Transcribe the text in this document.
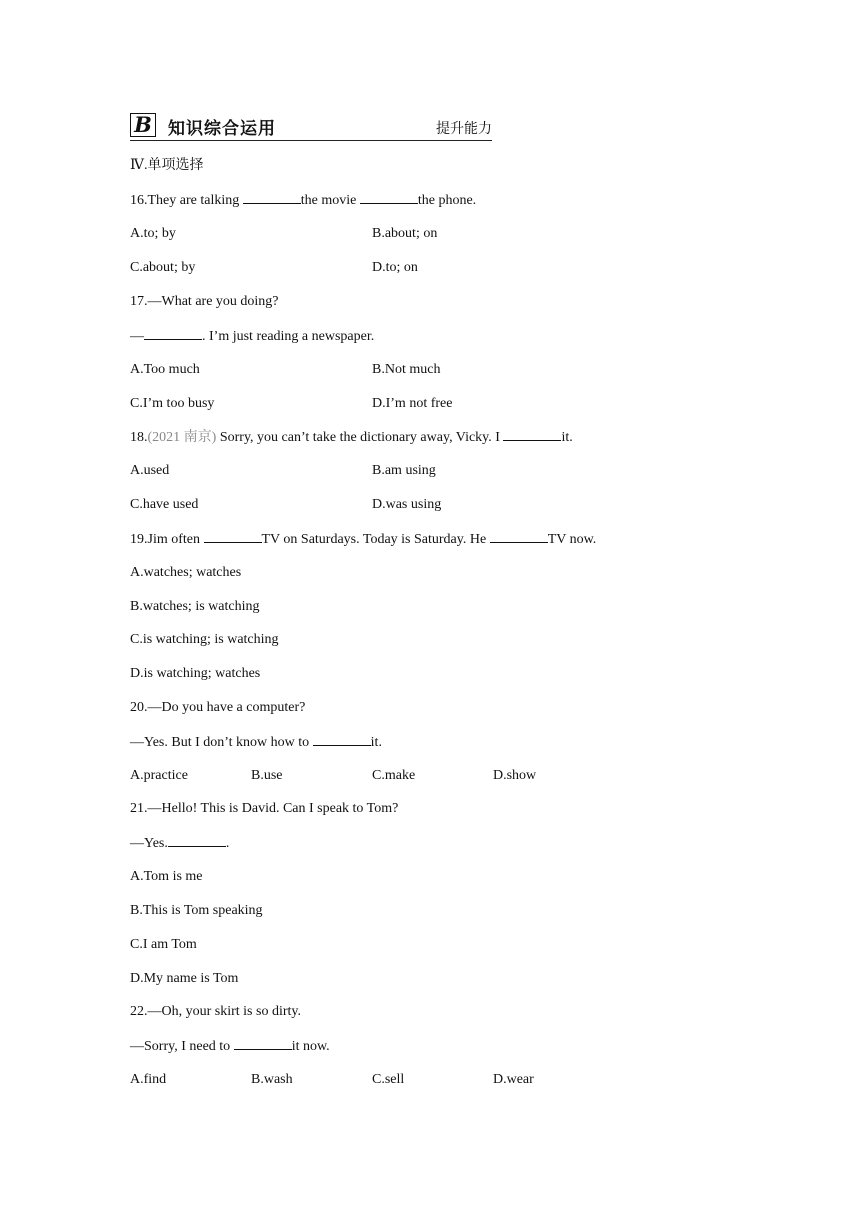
B 知识综合运用	提升能力
Ⅳ.单项选择
16.They are talking	the movie	the phone.
A.to; by	B.about; on
C.about; by	D.to; on
17.—What are you doing?
—	. I’m just reading a newspaper.
A.Too much	B.Not much
C.I’m too busy	D.I’m not free
18.(2021 南京) Sorry, you can’t take the dictionary away, Vicky. I	it.
A.used	B.am using
C.have used	D.was using
19.Jim often	TV on Saturdays. Today is Saturday. He	TV now.
A.watches; watches
B.watches; is watching
C.is watching; is watching
D.is watching; watches
20.—Do you have a computer?
—Yes. But I don’t know how to	it.
A.practice	B.use	C.make	D.show
21.—Hello! This is David. Can I speak to Tom?
—Yes.	.
A.Tom is me
B.This is Tom speaking
C.I am Tom
D.My name is Tom
22.—Oh, your skirt is so dirty.
—Sorry, I need to	it now.
A.find	B.wash	C.sell	D.wear
